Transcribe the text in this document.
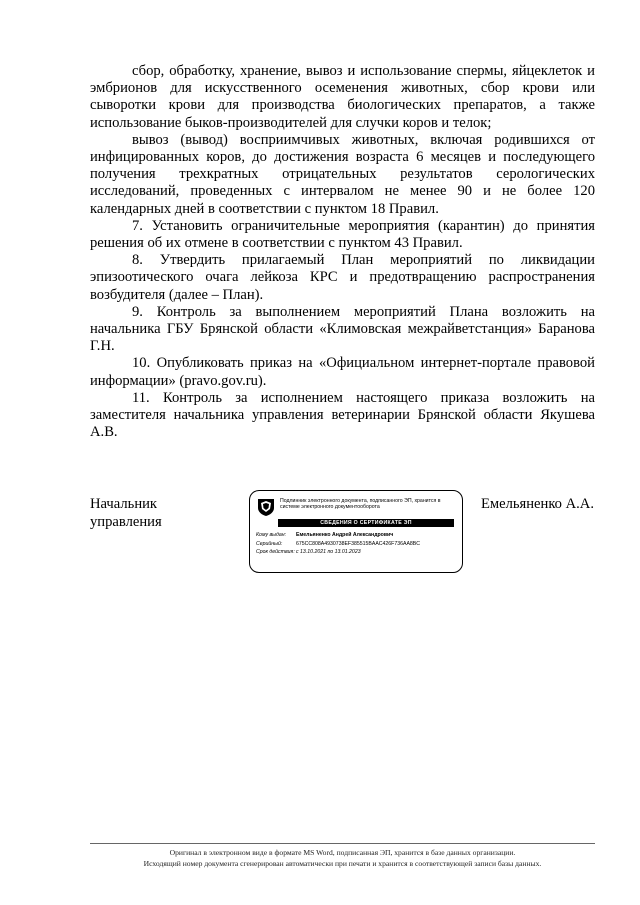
сбор, обработку, хранение, вывоз и использование спермы, яйцеклеток и эмбрионов для искусственного осеменения животных, сбор крови или сыворотки крови для производства биологических препаратов, а также использование быков-производителей для случки коров и телок;

вывоз (вывод) восприимчивых животных, включая родившихся от инфицированных коров, до достижения возраста 6 месяцев и последующего получения трехкратных отрицательных результатов серологических исследований, проведенных с интервалом не менее 90 и не более 120 календарных дней в соответствии с пунктом 18 Правил.

7. Установить ограничительные мероприятия (карантин) до принятия решения об их отмене в соответствии с пунктом 43 Правил.

8. Утвердить прилагаемый План мероприятий по ликвидации эпизоотического очага лейкоза КРС и предотвращению распространения возбудителя (далее – План).

9. Контроль за выполнением мероприятий Плана возложить на начальника ГБУ Брянской области «Климовская межрайветстанция» Баранова Г.Н.

10. Опубликовать приказ на «Официальном интернет-портале правовой информации» (pravo.gov.ru).

11. Контроль за исполнением настоящего приказа возложить на заместителя начальника управления ветеринарии Брянской области Якушева А.В.

Начальник управления
Подлинник электронного документа, подписанного ЭП, хранится в системе электронного документооборота
СВЕДЕНИЯ О СЕРТИФИКАТЕ ЭП
Кому выдан:	Емельяненко Андрей Александрович
Серийный:	675CC808A4930738EF385515BAAC426F736AA8BC
Срок действия: с 13.10.2021 по 13.01.2023
Емельяненко А.А.
Оригинал в электронном виде в формате MS Word, подписанная ЭП, хранится в базе данных организации.
Исходящий номер документа сгенерирован автоматически при печати и хранится в соответствующей записи базы данных.
